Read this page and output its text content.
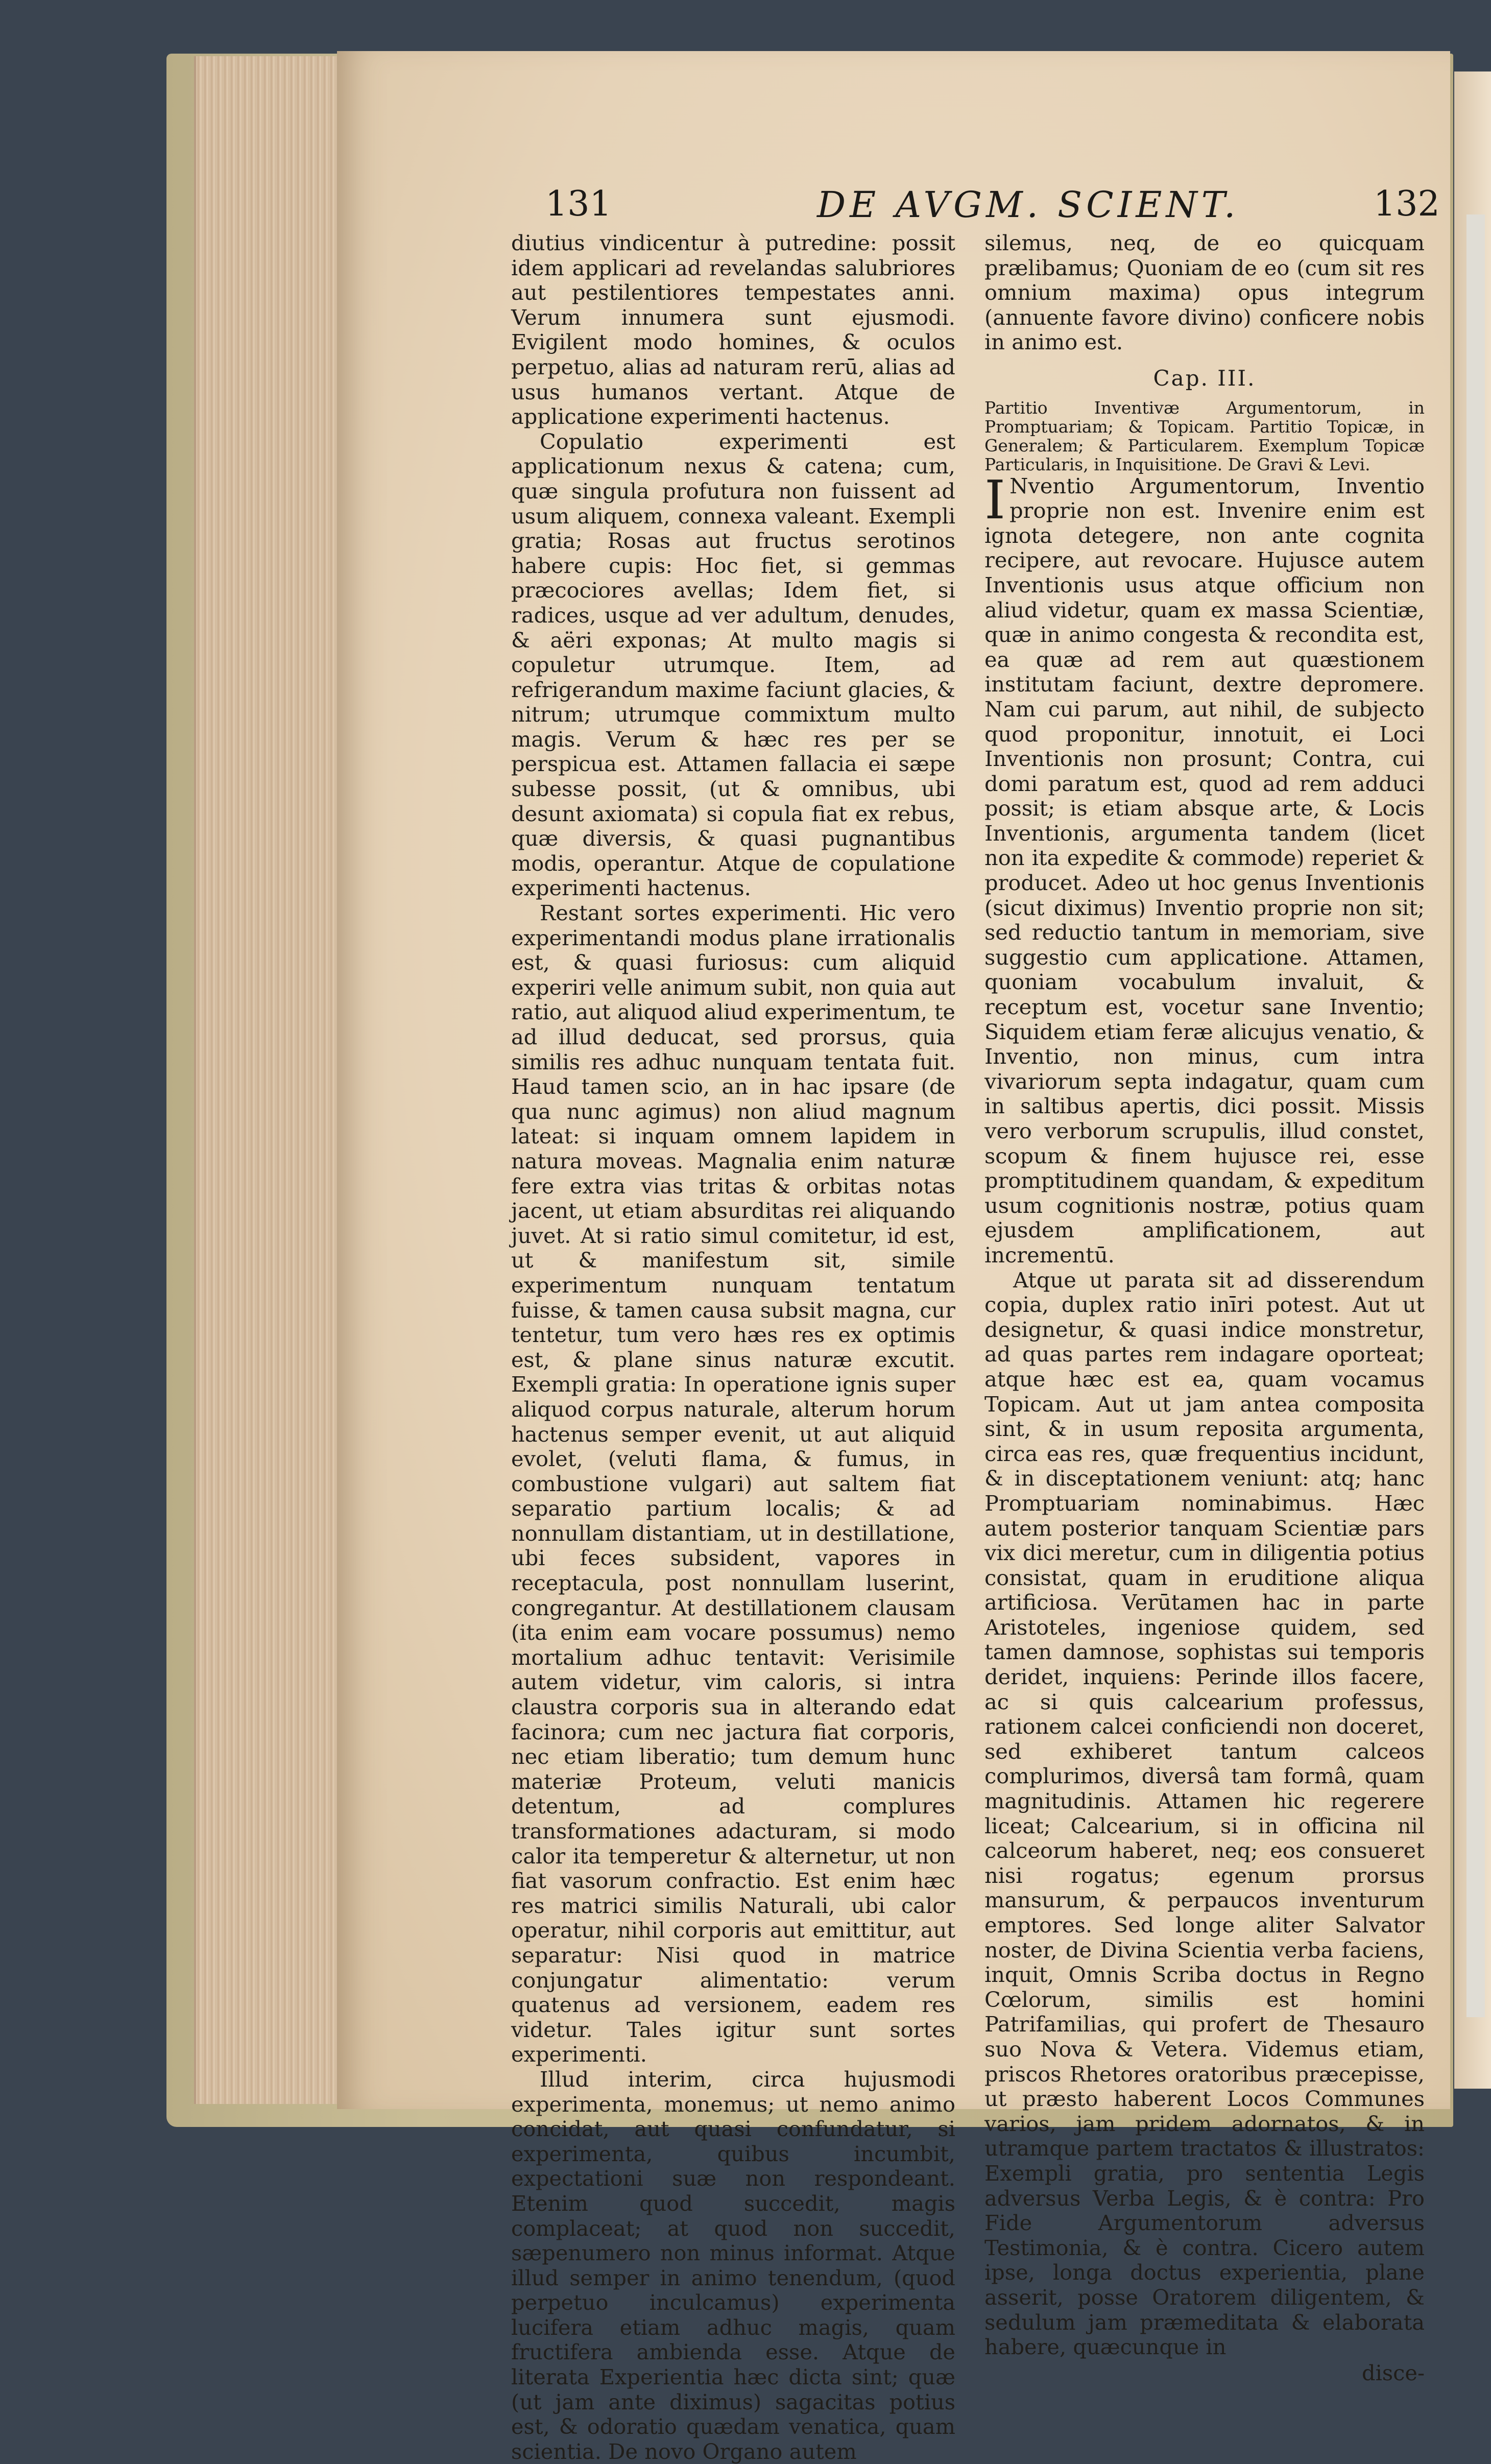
131	DE AVGM. SCIENT.	132

diutius vindicentur à putredine: possit idem applicari ad revelandas salubriores aut pestilentiores tempestates anni. Verum innumera sunt ejusmodi. Evigilent modo homines, & oculos perpetuo, alias ad naturam rerū, alias ad usus humanos vertant. Atque de applicatione experimenti hactenus.

Copulatio experimenti est applicationum nexus & catena; cum, quæ singula profutura non fuissent ad usum aliquem, connexa valeant. Exempli gratia; Rosas aut fructus serotinos habere cupis: Hoc fiet, si gemmas præcociores avellas; Idem fiet, si radices, usque ad ver adultum, denudes, & aëri exponas; At multo magis si copuletur utrumque. Item, ad refrigerandum maxime faciunt glacies, & nitrum; utrumque commixtum multo magis. Verum & hæc res per se perspicua est. Attamen fallacia ei sæpe subesse possit, (ut & omnibus, ubi desunt axiomata) si copula fiat ex rebus, quæ diversis, & quasi pugnantibus modis, operantur. Atque de copulatione experimenti hactenus.

Restant sortes experimenti. Hic vero experimentandi modus plane irrationalis est, & quasi furiosus: cum aliquid experiri velle animum subit, non quia aut ratio, aut aliquod aliud experimentum, te ad illud deducat, sed prorsus, quia similis res adhuc nunquam tentata fuit. Haud tamen scio, an in hac ipsare (de qua nunc agimus) non aliud magnum lateat: si inquam omnem lapidem in natura moveas. Magnalia enim naturæ fere extra vias tritas & orbitas notas jacent, ut etiam absurditas rei aliquando juvet. At si ratio simul comitetur, id est, ut & manifestum sit, simile experimentum nunquam tentatum fuisse, & tamen causa subsit magna, cur tentetur, tum vero hæs res ex optimis est, & plane sinus naturæ excutit. Exempli gratia: In operatione ignis super aliquod corpus naturale, alterum horum hactenus semper evenit, ut aut aliquid evolet, (veluti flama, & fumus, in combustione vulgari) aut saltem fiat separatio partium localis; & ad nonnullam distantiam, ut in destillatione, ubi feces subsident, vapores in receptacula, post nonnullam luserint, congregantur. At destillationem clausam (ita enim eam vocare possumus) nemo mortalium adhuc tentavit: Verisimile autem videtur, vim caloris, si intra claustra corporis sua in alterando edat facinora; cum nec jactura fiat corporis, nec etiam liberatio; tum demum hunc materiæ Proteum, veluti manicis detentum, ad complures transformationes adacturam, si modo calor ita temperetur & alternetur, ut non fiat vasorum confractio. Est enim hæc res matrici similis Naturali, ubi calor operatur, nihil corporis aut emittitur, aut separatur: Nisi quod in matrice conjungatur alimentatio: verum quatenus ad versionem, eadem res videtur. Tales igitur sunt sortes experimenti.

Illud interim, circa hujusmodi experimenta, monemus; ut nemo animo concidat, aut quasi confundatur, si experimenta, quibus incumbit, expectationi suæ non respondeant. Etenim quod succedit, magis complaceat; at quod non succedit, sæpenumero non minus informat. Atque illud semper in animo tenendum, (quod perpetuo inculcamus) experimenta lucifera etiam adhuc magis, quam fructifera ambienda esse. Atque de literata Experientia hæc dicta sint; quæ (ut jam ante diximus) sagacitas potius est, & odoratio quædam venatica, quam scientia. De novo Organo autem

silemus, neq, de eo quicquam prælibamus; Quoniam de eo (cum sit res omnium maxima) opus integrum (annuente favore divino) conficere nobis in animo est.

Cap. III.

Partitio Inventivæ Argumentorum, in Promptuariam; & Topicam. Partitio Topicæ, in Generalem; & Particularem. Exemplum Topicæ Particularis, in Inquisitione. De Gravi & Levi.

I Nventio Argumentorum, Inventio proprie non est. Invenire enim est ignota detegere, non ante cognita recipere, aut revocare. Hujusce autem Inventionis usus atque officium non aliud videtur, quam ex massa Scientiæ, quæ in animo congesta & recondita est, ea quæ ad rem aut quæstionem institutam faciunt, dextre depromere. Nam cui parum, aut nihil, de subjecto quod proponitur, innotuit, ei Loci Inventionis non prosunt; Contra, cui domi paratum est, quod ad rem adduci possit; is etiam absque arte, & Locis Inventionis, argumenta tandem (licet non ita expedite & commode) reperiet & producet. Adeo ut hoc genus Inventionis (sicut diximus) Inventio proprie non sit; sed reductio tantum in memoriam, sive suggestio cum applicatione. Attamen, quoniam vocabulum invaluit, & receptum est, vocetur sane Inventio; Siquidem etiam feræ alicujus venatio, & Inventio, non minus, cum intra vivariorum septa indagatur, quam cum in saltibus apertis, dici possit. Missis vero verborum scrupulis, illud constet, scopum & finem hujusce rei, esse promptitudinem quandam, & expeditum usum cognitionis nostræ, potius quam ejusdem amplificationem, aut incrementū.

Atque ut parata sit ad disserendum copia, duplex ratio inīri potest. Aut ut designetur, & quasi indice monstretur, ad quas partes rem indagare oporteat; atque hæc est ea, quam vocamus Topicam. Aut ut jam antea composita sint, & in usum reposita argumenta, circa eas res, quæ frequentius incidunt, & in disceptationem veniunt: atq; hanc Promptuariam nominabimus. Hæc autem posterior tanquam Scientiæ pars vix dici meretur, cum in diligentia potius consistat, quam in eruditione aliqua artificiosa. Verūtamen hac in parte Aristoteles, ingeniose quidem, sed tamen damnose, sophistas sui temporis deridet, inquiens: Perinde illos facere, ac si quis calcearium professus, rationem calcei conficiendi non doceret, sed exhiberet tantum calceos complurimos, diversâ tam formâ, quam magnitudinis. Attamen hic regerere liceat; Calcearium, si in officina nil calceorum haberet, neq; eos consueret nisi rogatus; egenum prorsus mansurum, & perpaucos inventurum emptores. Sed longe aliter Salvator noster, de Divina Scientia verba faciens, inquit, Omnis Scriba doctus in Regno Cœlorum, similis est homini Patrifamilias, qui profert de Thesauro suo Nova & Vetera. Videmus etiam, priscos Rhetores oratoribus præcepisse, ut præsto haberent Locos Communes varios, jam pridem adornatos, & in utramque partem tractatos & illustratos: Exempli gratia, pro sententia Legis adversus Verba Legis, & è contra: Pro Fide Argumentorum adversus Testimonia, & è contra. Cicero autem ipse, longa doctus experientia, plane asserit, posse Oratorem diligentem, & sedulum jam præmeditata & elaborata habere, quæcunque in

disce-
